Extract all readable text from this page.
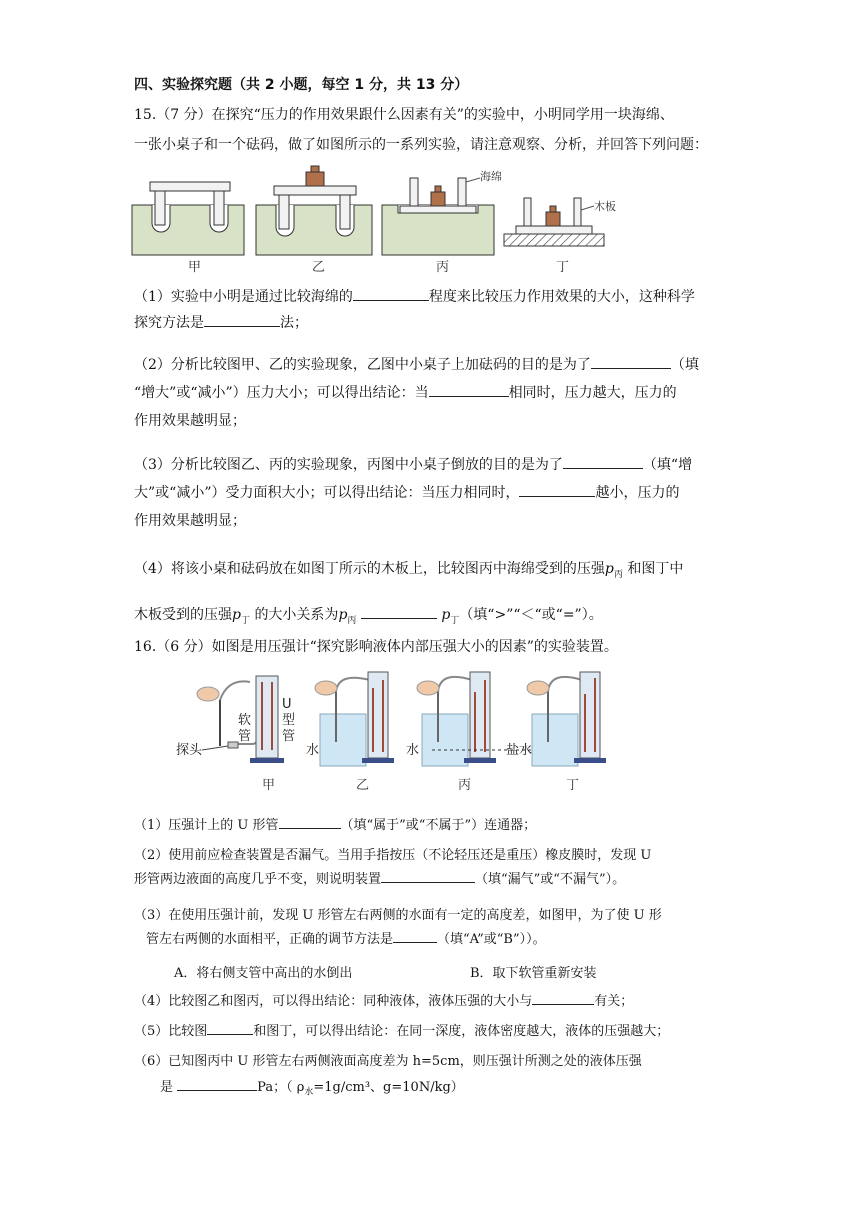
四、实验探究题（共 2 小题，每空 1 分，共 13 分）
15.（7 分）在探究“压力的作用效果跟什么因素有关”的实验中，小明同学用一块海绵、
一张小桌子和一个砝码，做了如图所示的一系列实验，请注意观察、分析，并回答下列问题：
海绵
木板
甲	乙	丙	丁
（1）实验中小明是通过比较海绵的	程度来比较压力作用效果的大小，这种科学
探究方法是	法；
（2）分析比较图甲、乙的实验现象，乙图中小桌子上加砝码的目的是为了	（填
“增大”或“减小”）压力大小；可以得出结论：当	相同时，压力越大，压力的
作用效果越明显；
（3）分析比较图乙、丙的实验现象，丙图中小桌子倒放的目的是为了	（填“增
大”或“减小”）受力面积大小；可以得出结论：当压力相同时，	越小，压力的
作用效果越明显；
（4）将该小桌和砝码放在如图丁所示的木板上，比较图丙中海绵受到的压强$p_丙$ 和图丁中
木板受到的压强$p_丁$ 的大小关系为$p_丙$	$p_丁$（填“>”“＜“或“=”）。
16.（6 分）如图是用压强计“探究影响液体内部压强大小的因素”的实验装置。
U
型
管
软
管
探头	水	水	盐水
甲	乙	丙	丁
（1）压强计上的 U 形管	（填“属于”或“不属于”）连通器；
（2）使用前应检查装置是否漏气。当用手指按压（不论轻压还是重压）橡皮膜时，发现 U
形管两边液面的高度几乎不变，则说明装置	（填“漏气”或“不漏气”）。
（3）在使用压强计前，发现 U 形管左右两侧的水面有一定的高度差，如图甲，为了使 U 形
管左右两侧的水面相平，正确的调节方法是	（填“A”或“B”））。
A．将右侧支管中高出的水倒出	B．取下软管重新安装
（4）比较图乙和图丙，可以得出结论：同种液体，液体压强的大小与	有关；
（5）比较图	和图丁，可以得出结论：在同一深度，液体密度越大，液体的压强越大；
（6）已知图丙中 U 形管左右两侧液面高度差为 h=5cm，则压强计所测之处的液体压强
是	Pa；（ $\rho_水=1g$/cm³、g=10N/kg）
